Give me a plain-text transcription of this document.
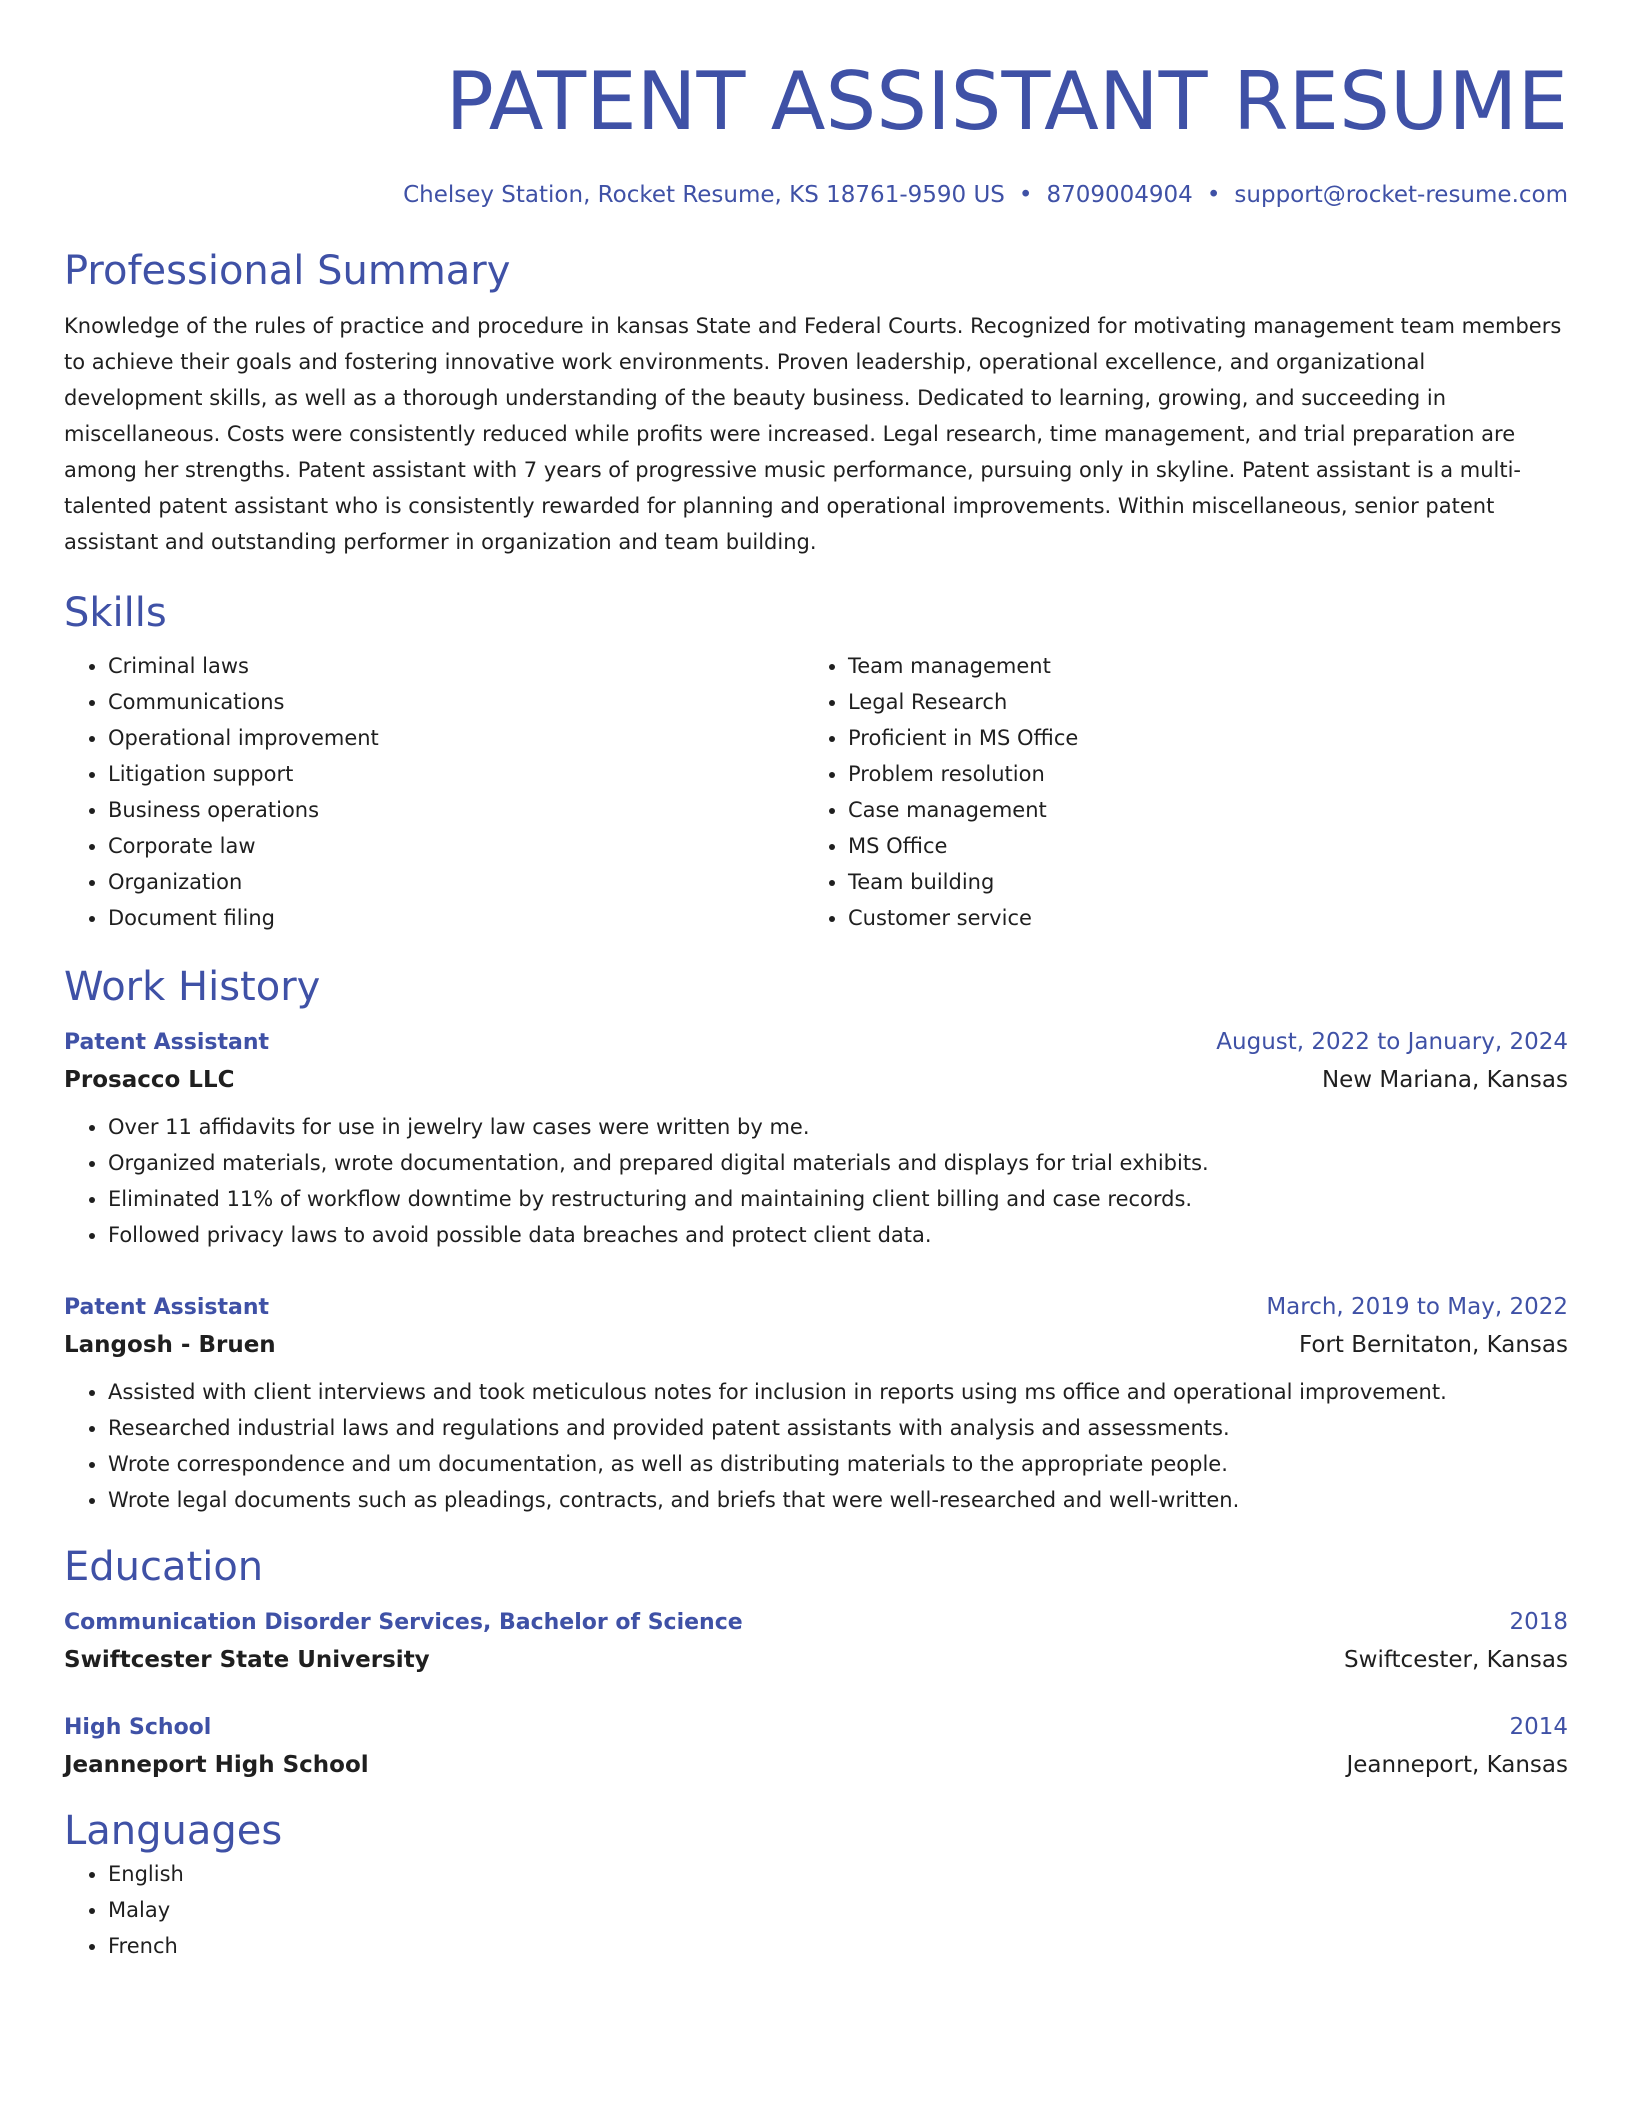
PATENT ASSISTANT RESUME
Chelsey Station, Rocket Resume, KS 18761-9590 US • 8709004904 • support@rocket-resume.com
Professional Summary

Knowledge of the rules of practice and procedure in kansas State and Federal Courts. Recognized for motivating management team members to achieve their goals and fostering innovative work environments. Proven leadership, operational excellence, and organizational development skills, as well as a thorough understanding of the beauty business. Dedicated to learning, growing, and succeeding in miscellaneous. Costs were consistently reduced while profits were increased. Legal research, time management, and trial preparation are among her strengths. Patent assistant with 7 years of progressive music performance, pursuing only in skyline. Patent assistant is a multi-talented patent assistant who is consistently rewarded for planning and operational improvements. Within miscellaneous, senior patent assistant and outstanding performer in organization and team building.

Skills
• Criminal laws
• Communications
• Operational improvement
• Litigation support
• Business operations
• Corporate law
• Organization
• Document filing
• Team management
• Legal Research
• Proficient in MS Office
• Problem resolution
• Case management
• MS Office
• Team building
• Customer service
Work History
Patent Assistant	August, 2022 to January, 2024
Prosacco LLC	New Mariana, Kansas
• Over 11 affidavits for use in jewelry law cases were written by me.
• Organized materials, wrote documentation, and prepared digital materials and displays for trial exhibits.
• Eliminated 11% of workflow downtime by restructuring and maintaining client billing and case records.
• Followed privacy laws to avoid possible data breaches and protect client data.
Patent Assistant	March, 2019 to May, 2022
Langosh - Bruen	Fort Bernitaton, Kansas
• Assisted with client interviews and took meticulous notes for inclusion in reports using ms office and operational improvement.
• Researched industrial laws and regulations and provided patent assistants with analysis and assessments.
• Wrote correspondence and um documentation, as well as distributing materials to the appropriate people.
• Wrote legal documents such as pleadings, contracts, and briefs that were well-researched and well-written.
Education
Communication Disorder Services, Bachelor of Science	2018
Swiftcester State University	Swiftcester, Kansas
High School	2014
Jeanneport High School	Jeanneport, Kansas
Languages
• English
• Malay
• French
